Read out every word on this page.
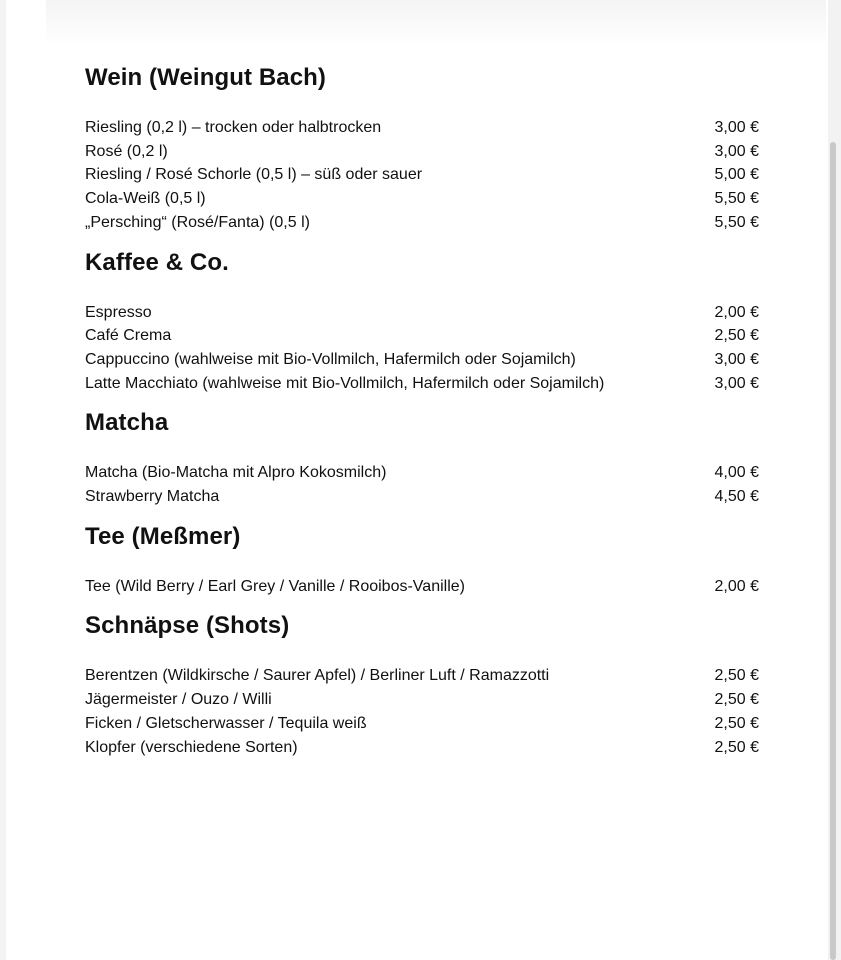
Wein (Weingut Bach)
Riesling (0,2 l) – trocken oder halbtrocken	3,00 €
Rosé (0,2 l)	3,00 €
Riesling / Rosé Schorle (0,5 l) – süß oder sauer	5,00 €
Cola-Weiß (0,5 l)	5,50 €
„Persching“ (Rosé/Fanta) (0,5 l)	5,50 €
Kaffee & Co.
Espresso	2,00 €
Café Crema	2,50 €
Cappuccino (wahlweise mit Bio-Vollmilch, Hafermilch oder Sojamilch)	3,00 €
Latte Macchiato (wahlweise mit Bio-Vollmilch, Hafermilch oder Sojamilch)	3,00 €
Matcha
Matcha (Bio-Matcha mit Alpro Kokosmilch)	4,00 €
Strawberry Matcha	4,50 €
Tee (Meßmer)
Tee (Wild Berry / Earl Grey / Vanille / Rooibos-Vanille)	2,00 €
Schnäpse (Shots)
Berentzen (Wildkirsche / Saurer Apfel) / Berliner Luft / Ramazzotti	2,50 €
Jägermeister / Ouzo / Willi	2,50 €
Ficken / Gletscherwasser / Tequila weiß	2,50 €
Klopfer (verschiedene Sorten)	2,50 €
